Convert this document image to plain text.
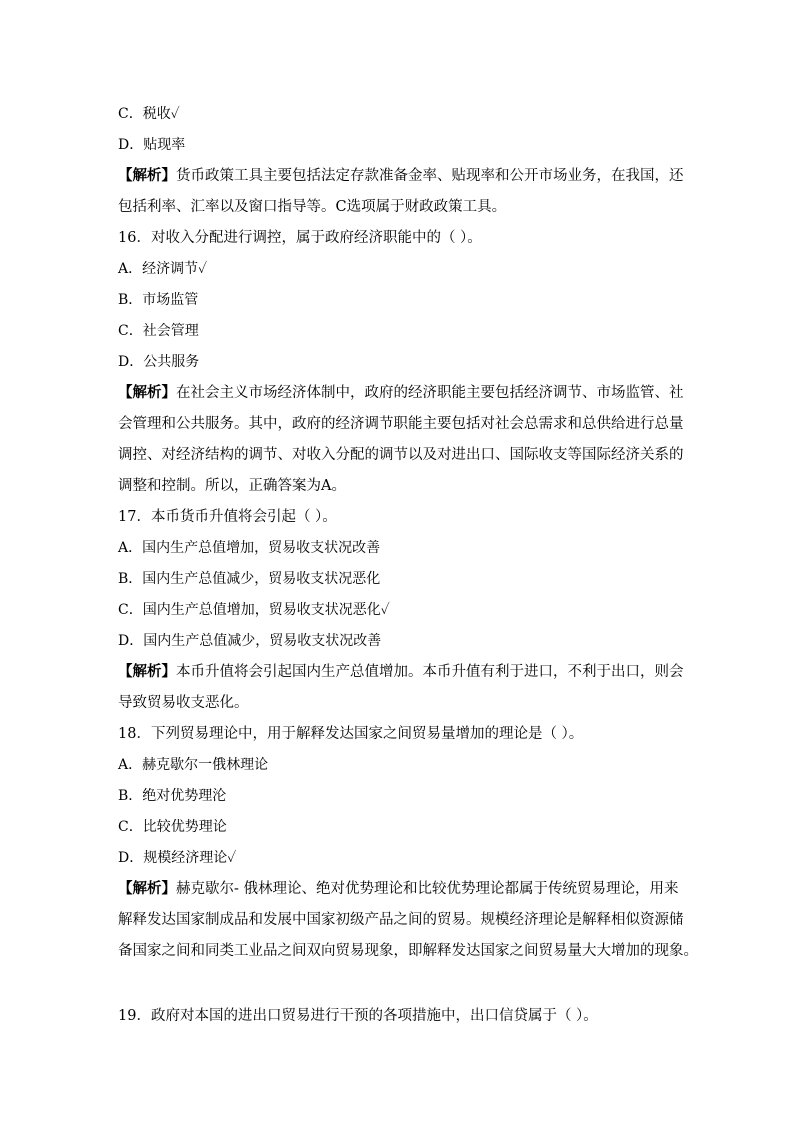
C．税收✓
D．贴现率
【解析】货币政策工具主要包括法定存款准备金率、贴现率和公开市场业务，在我国，还
包括利率、汇率以及窗口指导等。C选项属于财政政策工具。
16．对收入分配进行调控，属于政府经济职能中的（ ）。
A．经济调节✓
B．市场监管
C．社会管理
D．公共服务
【解析】在社会主义市场经济体制中，政府的经济职能主要包括经济调节、市场监管、社
会管理和公共服务。其中，政府的经济调节职能主要包括对社会总需求和总供给进行总量
调控、对经济结构的调节、对收入分配的调节以及对进出口、国际收支等国际经济关系的
调整和控制。所以，正确答案为A。
17．本币货币升值将会引起（ ）。
A．国内生产总值增加，贸易收支状况改善
B．国内生产总值减少，贸易收支状况恶化
C．国内生产总值增加，贸易收支状况恶化✓
D．国内生产总值减少，贸易收支状况改善
【解析】本币升值将会引起国内生产总值增加。本币升值有利于进口，不利于出口，则会
导致贸易收支恶化。
18．下列贸易理论中，用于解释发达国家之间贸易量增加的理论是（ ）。
A．赫克歇尔一俄林理论
B．绝对优势理沦
C．比较优势理论
D．规模经济理论✓
【解析】赫克歇尔- 俄林理论、绝对优势理论和比较优势理论都属于传统贸易理论，用来
解释发达国家制成品和发展中国家初级产品之间的贸易。规模经济理论是解释相似资源储
备国家之间和同类工业品之间双向贸易现象，即解释发达国家之间贸易量大大增加的现象。
19．政府对本国的进出口贸易进行干预的各项措施中，出口信贷属于（ ）。
